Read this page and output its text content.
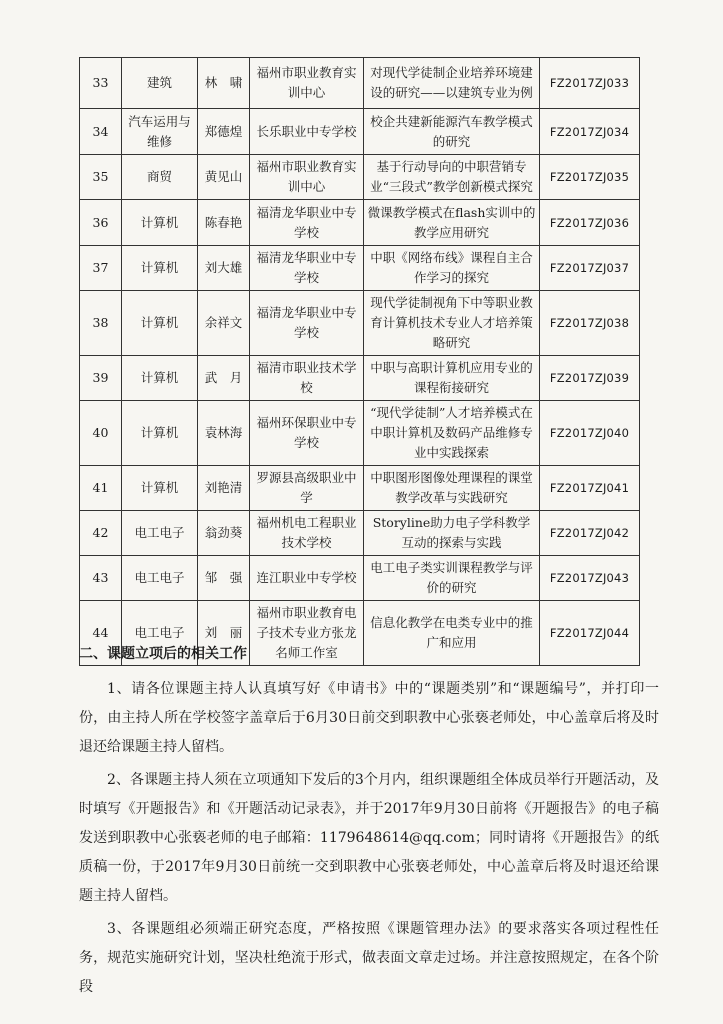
33	建筑	林　啸	福州市职业教育实训中心	对现代学徒制企业培养环境建设的研究——以建筑专业为例	FZ2017ZJ033
34	汽车运用与维修	郑德煌	长乐职业中专学校	校企共建新能源汽车教学模式的研究	FZ2017ZJ034
35	商贸	黄见山	福州市职业教育实训中心	基于行动导向的中职营销专业“三段式”教学创新模式探究	FZ2017ZJ035
36	计算机	陈春艳	福清龙华职业中专学校	微课教学模式在flash实训中的教学应用研究	FZ2017ZJ036
37	计算机	刘大雄	福清龙华职业中专学校	中职《网络布线》课程自主合作学习的探究	FZ2017ZJ037
38	计算机	余祥文	福清龙华职业中专学校	现代学徒制视角下中等职业教育计算机技术专业人才培养策略研究	FZ2017ZJ038
39	计算机	武　月	福清市职业技术学校	中职与高职计算机应用专业的课程衔接研究	FZ2017ZJ039
40	计算机	袁林海	福州环保职业中专学校	“现代学徒制”人才培养模式在中职计算机及数码产品维修专业中实践探索	FZ2017ZJ040
41	计算机	刘艳清	罗源县高级职业中学	中职图形图像处理课程的课堂教学改革与实践研究	FZ2017ZJ041
42	电工电子	翁劲葵	福州机电工程职业技术学校	Storyline助力电子学科教学互动的探索与实践	FZ2017ZJ042
43	电工电子	邹　强	连江职业中专学校	电工电子类实训课程教学与评价的研究	FZ2017ZJ043
44	电工电子	刘　丽	福州市职业教育电子技术专业方张龙名师工作室	信息化教学在电类专业中的推广和应用	FZ2017ZJ044
二、课题立项后的相关工作

1、请各位课题主持人认真填写好《申请书》中的“课题类别”和“课题编号”，并打印一份，由主持人所在学校签字盖章后于6月30日前交到职教中心张亵老师处，中心盖章后将及时退还给课题主持人留档。

2、各课题主持人须在立项通知下发后的3个月内，组织课题组全体成员举行开题活动，及时填写《开题报告》和《开题活动记录表》，并于2017年9月30日前将《开题报告》的电子稿发送到职教中心张亵老师的电子邮箱：1179648614@qq.com；同时请将《开题报告》的纸质稿一份，于2017年9月30日前统一交到职教中心张亵老师处，中心盖章后将及时退还给课题主持人留档。

3、各课题组必须端正研究态度，严格按照《课题管理办法》的要求落实各项过程性任务，规范实施研究计划，坚决杜绝流于形式，做表面文章走过场。并注意按照规定，在各个阶段
